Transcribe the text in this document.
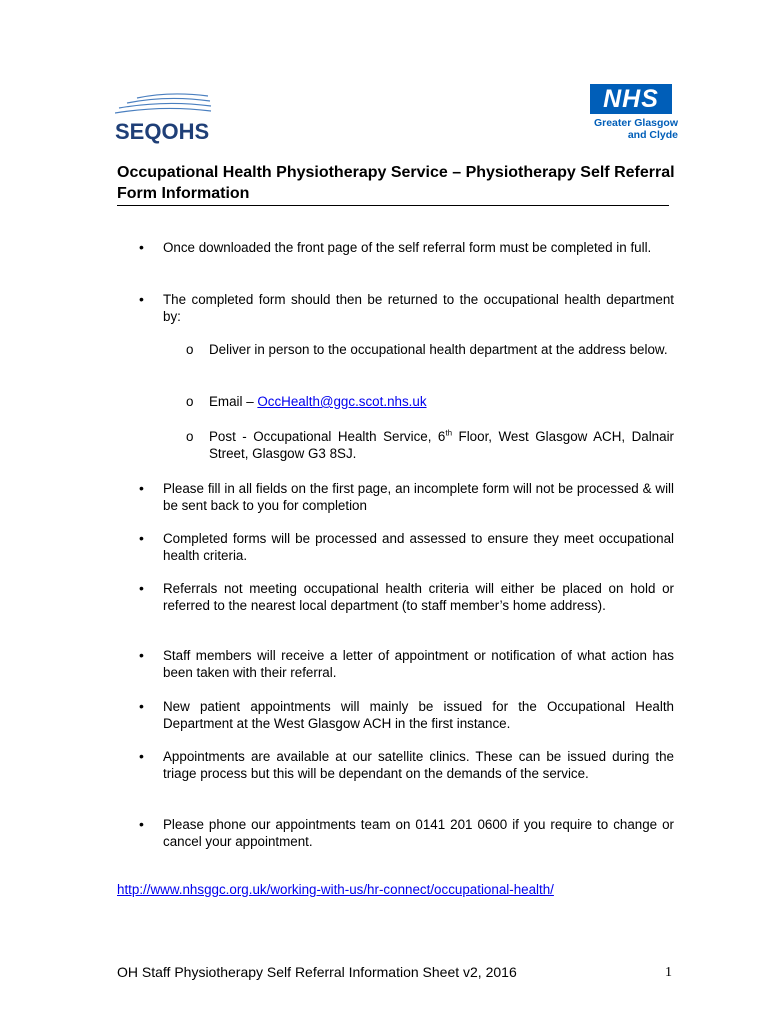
SEQOHS
NHS
Greater Glasgow
and Clyde
Occupational Health Physiotherapy Service – Physiotherapy Self Referral Form Information
• Once downloaded the front page of the self referral form must be completed in full.
• The completed form should then be returned to the occupational health department by:
o Deliver in person to the occupational health department at the address below.
o Email – OccHealth@ggc.scot.nhs.uk
o Post - Occupational Health Service, 6th Floor, West Glasgow ACH, Dalnair Street, Glasgow G3 8SJ.
• Please fill in all fields on the first page, an incomplete form will not be processed & will be sent back to you for completion
• Completed forms will be processed and assessed to ensure they meet occupational health criteria.
• Referrals not meeting occupational health criteria will either be placed on hold or referred to the nearest local department (to staff member’s home address).
• Staff members will receive a letter of appointment or notification of what action has been taken with their referral.
• New patient appointments will mainly be issued for the Occupational Health Department at the West Glasgow ACH in the first instance.
• Appointments are available at our satellite clinics. These can be issued during the triage process but this will be dependant on the demands of the service.
• Please phone our appointments team on 0141 201 0600 if you require to change or cancel your appointment.
http://www.nhsggc.org.uk/working-with-us/hr-connect/occupational-health/
OH Staff Physiotherapy Self Referral Information Sheet v2, 2016	1
